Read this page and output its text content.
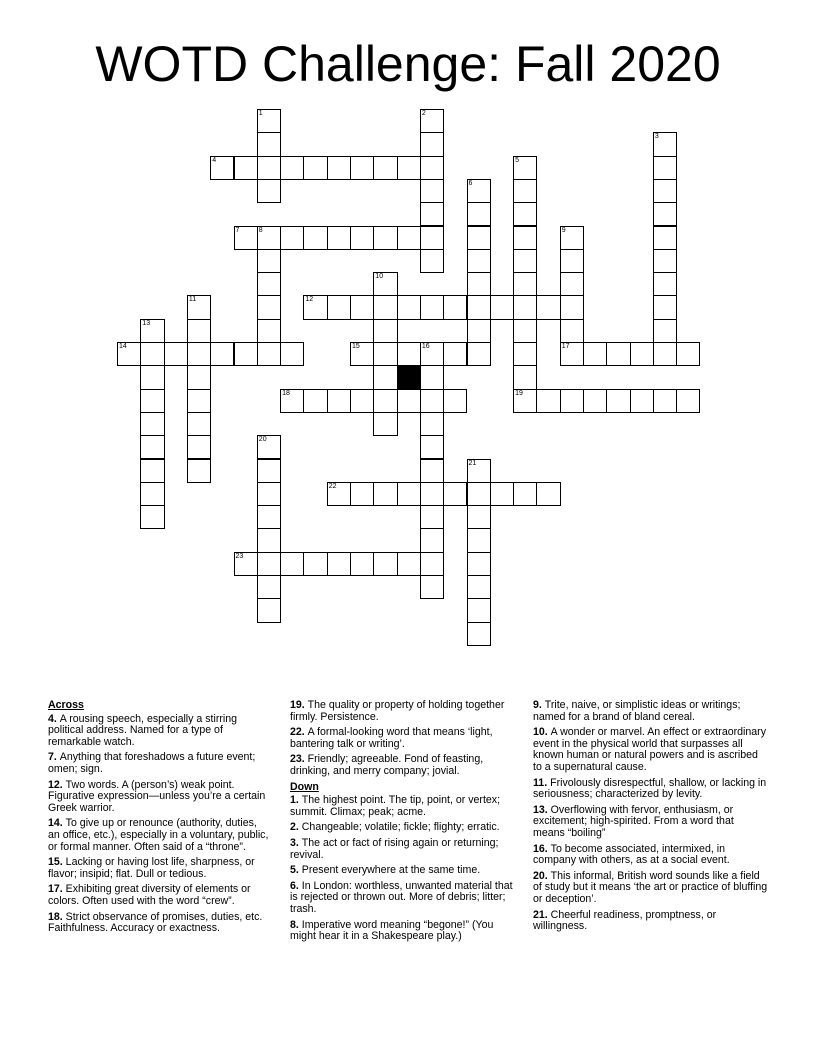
WOTD Challenge: Fall 2020
1	2
3
4	5
6
7	8	9
10
11	12
13
14	15	16	17
18	19
20
21
22
23
Across
4. A rousing speech, especially a stirring political address. Named for a type of remarkable watch.
7. Anything that foreshadows a future event; omen; sign.
12. Two words. A (person’s) weak point. Figurative expression—unless you’re a certain Greek warrior.
14. To give up or renounce (authority, duties, an office, etc.), especially in a voluntary, public, or formal manner. Often said of a “throne”.
15. Lacking or having lost life, sharpness, or flavor; insipid; flat. Dull or tedious.
17. Exhibiting great diversity of elements or colors. Often used with the word “crew”.
18. Strict observance of promises, duties, etc. Faithfulness. Accuracy or exactness.
19. The quality or property of holding together firmly. Persistence.
22. A formal-looking word that means ‘light, bantering talk or writing’.
23. Friendly; agreeable. Fond of feasting, drinking, and merry company; jovial.
Down
1. The highest point. The tip, point, or vertex; summit. Climax; peak; acme.
2. Changeable; volatile; fickle; flighty; erratic.
3. The act or fact of rising again or returning; revival.
5. Present everywhere at the same time.
6. In London: worthless, unwanted material that is rejected or thrown out. More of debris; litter; trash.
8. Imperative word meaning “begone!” (You might hear it in a Shakespeare play.)
9. Trite, naive, or simplistic ideas or writings; named for a brand of bland cereal.
10. A wonder or marvel. An effect or extraordinary event in the physical world that surpasses all known human or natural powers and is ascribed to a supernatural cause.
11. Frivolously disrespectful, shallow, or lacking in seriousness; characterized by levity.
13. Overflowing with fervor, enthusiasm, or excitement; high-spirited. From a word that means “boiling”
16. To become associated, intermixed, in company with others, as at a social event.
20. This informal, British word sounds like a field of study but it means ‘the art or practice of bluffing or deception’.
21. Cheerful readiness, promptness, or willingness.
